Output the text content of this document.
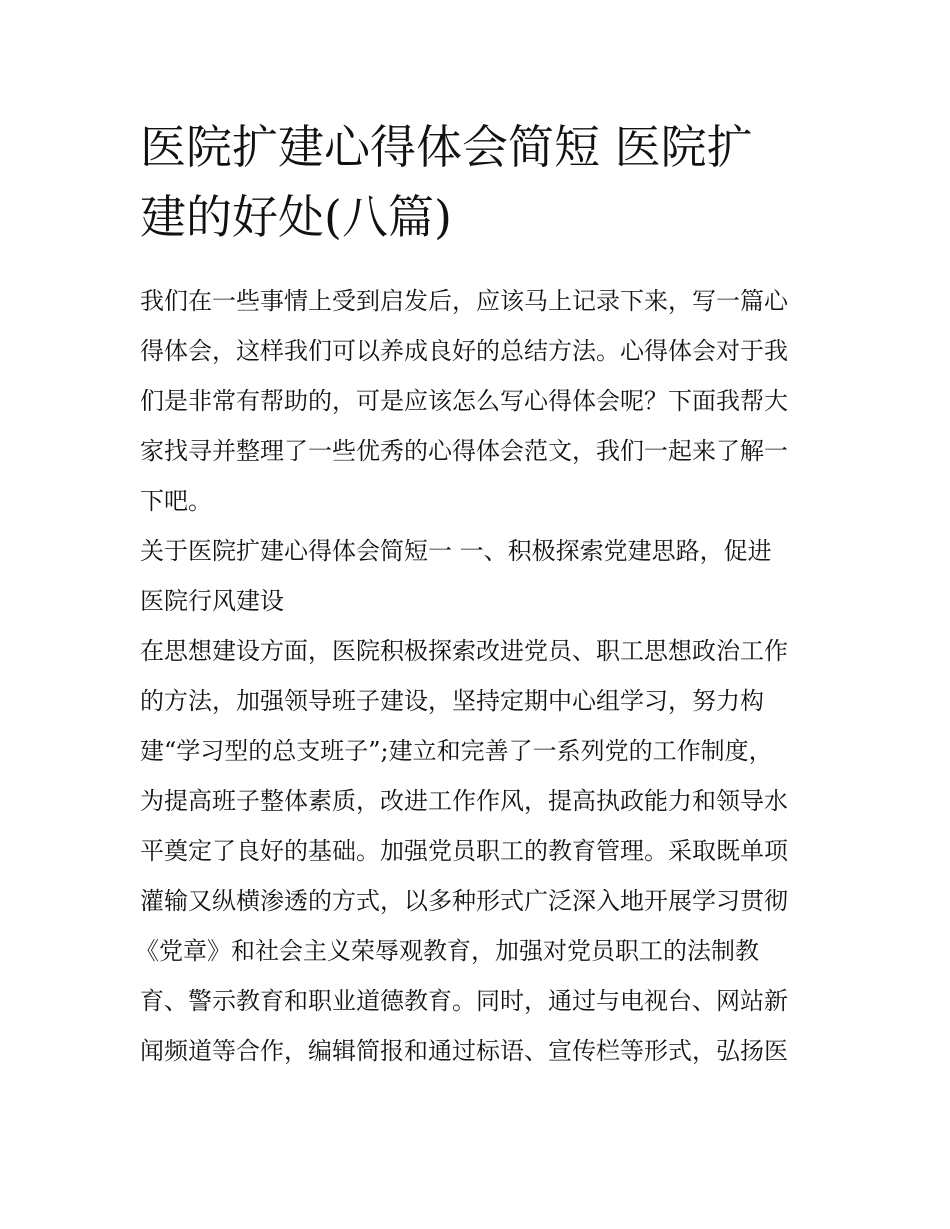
医院扩建心得体会简短 医院扩
建的好处(八篇)
我们在一些事情上受到启发后，应该马上记录下来，写一篇心
得体会，这样我们可以养成良好的总结方法。心得体会对于我
们是非常有帮助的，可是应该怎么写心得体会呢？下面我帮大
家找寻并整理了一些优秀的心得体会范文，我们一起来了解一
下吧。
关于医院扩建心得体会简短一 一、积极探索党建思路，促进
医院行风建设
在思想建设方面，医院积极探索改进党员、职工思想政治工作
的方法，加强领导班子建设，坚持定期中心组学习，努力构
建“学习型的总支班子”;建立和完善了一系列党的工作制度，
为提高班子整体素质，改进工作作风，提高执政能力和领导水
平奠定了良好的基础。加强党员职工的教育管理。采取既单项
灌输又纵横渗透的方式，以多种形式广泛深入地开展学习贯彻
《党章》和社会主义荣辱观教育，加强对党员职工的法制教
育、警示教育和职业道德教育。同时，通过与电视台、网站新
闻频道等合作，编辑简报和通过标语、宣传栏等形式，弘扬医
